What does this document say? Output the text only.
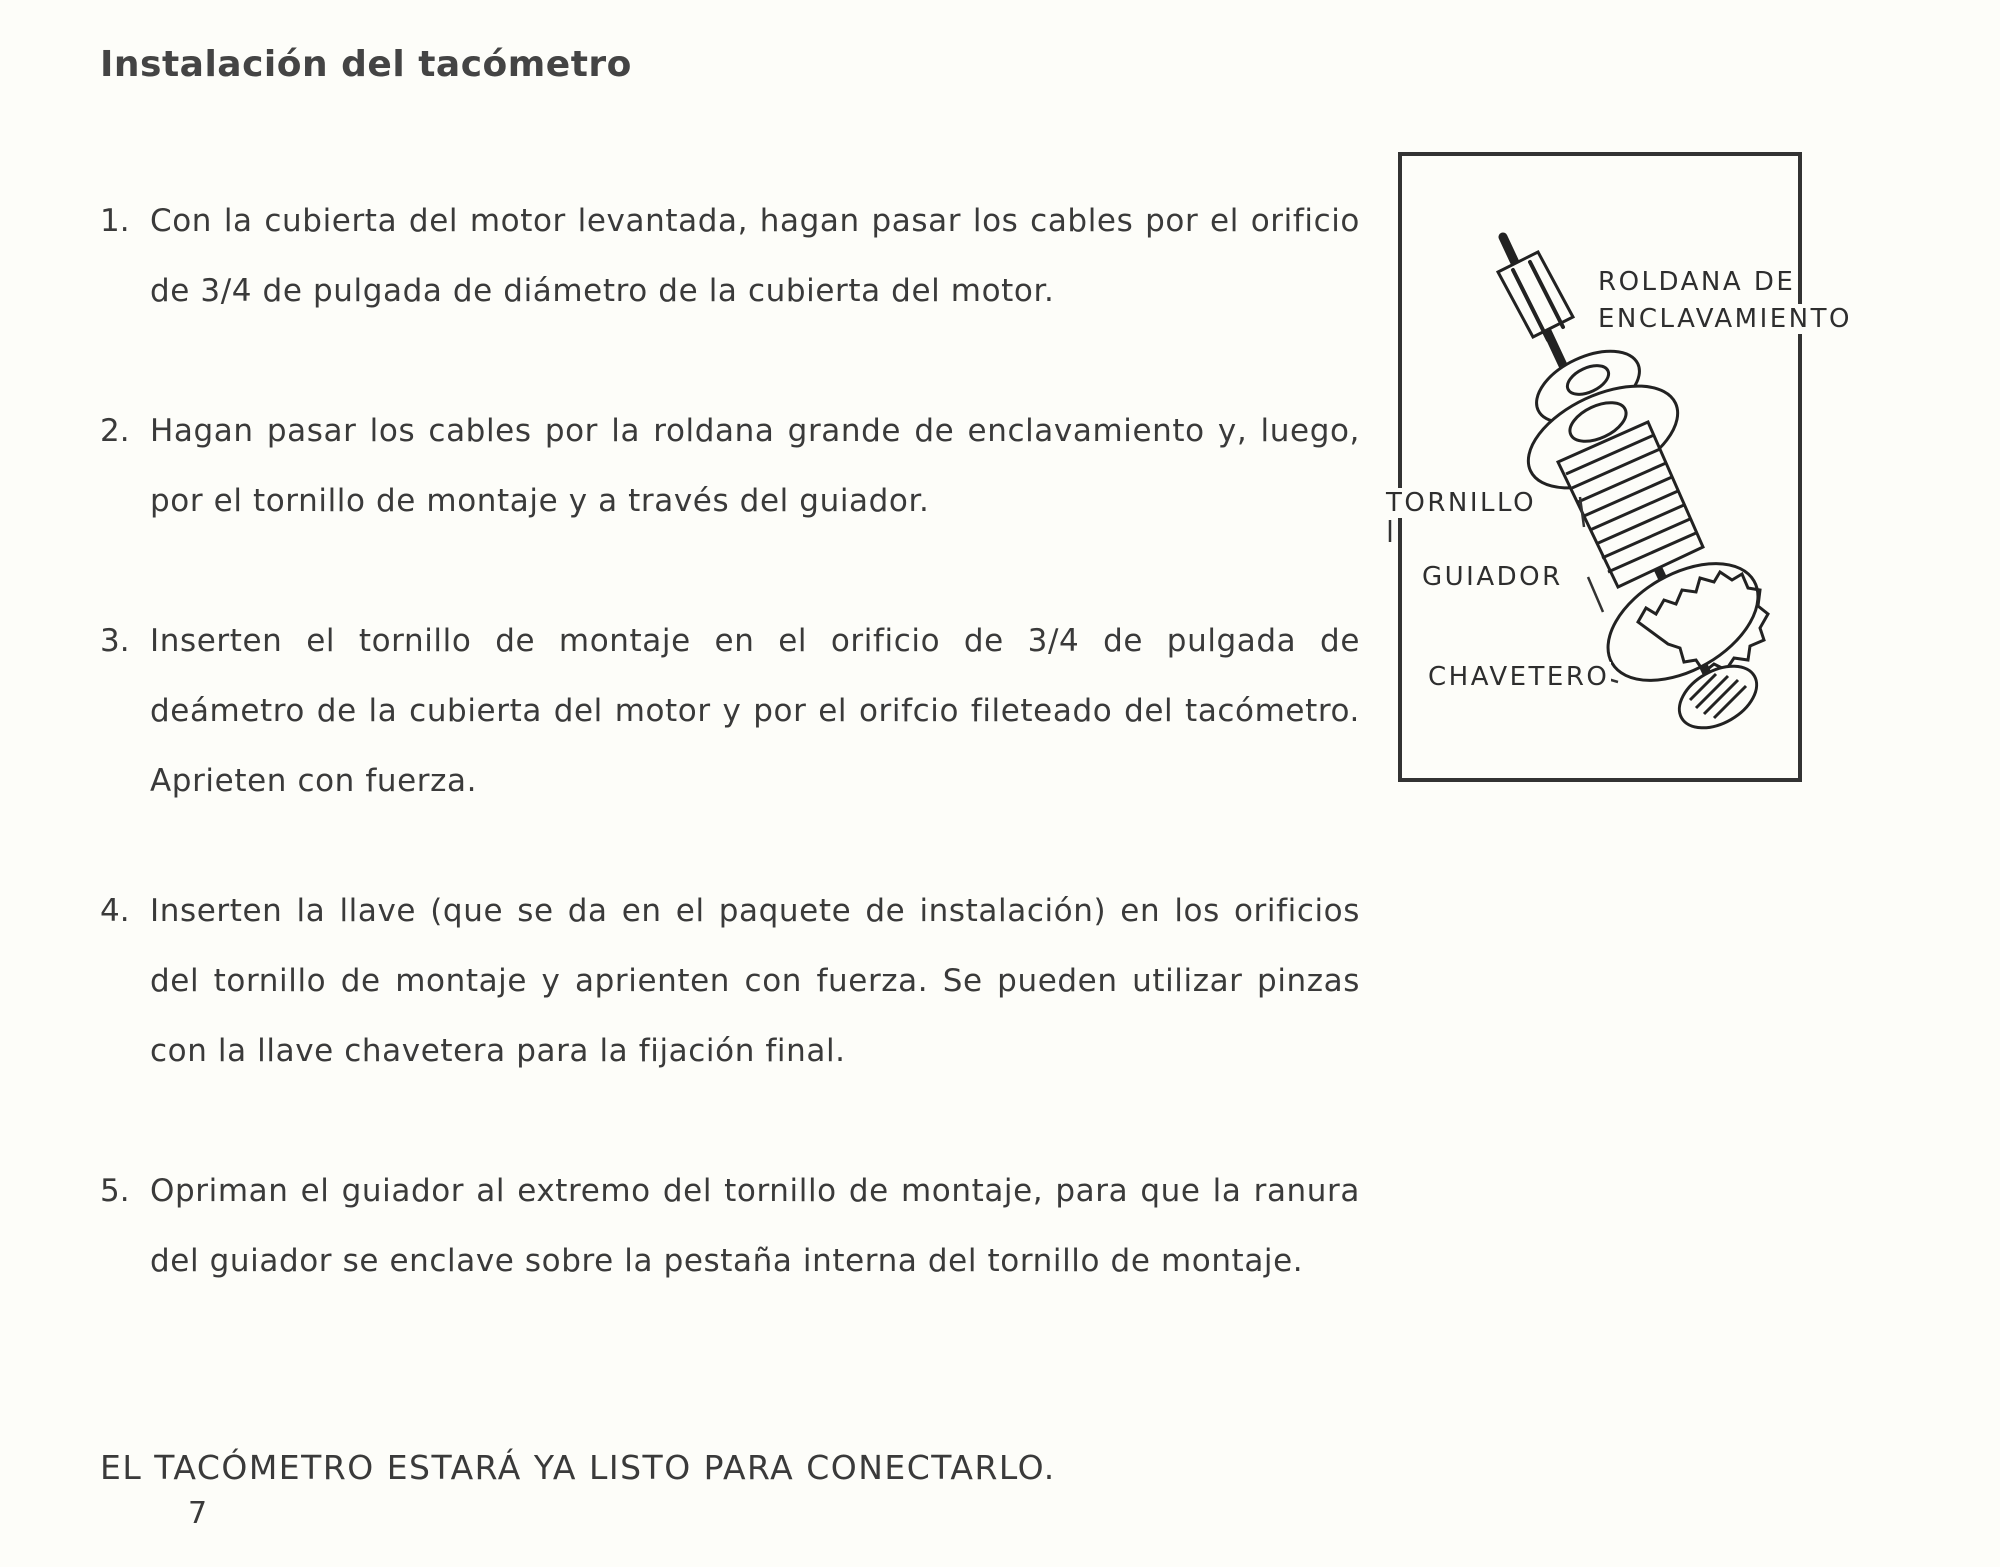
Instalación del tacómetro
1. Con la cubierta del motor levantada, hagan pasar los cables por el orificio de 3/4 de pulgada de diámetro de la cubierta del motor.
2. Hagan pasar los cables por la roldana grande de enclavamiento y, luego, por el tornillo de montaje y a través del guiador.
3. Inserten el tornillo de montaje en el orificio de 3/4 de pulgada de deámetro de la cubierta del motor y por el orifcio fileteado del tacómetro. Aprieten con fuerza.
4. Inserten la llave (que se da en el paquete de instalación) en los orificios del tornillo de montaje y aprienten con fuerza. Se pueden utilizar pinzas con la llave chavetera para la fijación final.
5. Opriman el guiador al extremo del tornillo de montaje, para que la ranura del guiador se enclave sobre la pestaña interna del tornillo de montaje.
EL TACÓMETRO ESTARÁ YA LISTO PARA CONECTARLO.
7
ROLDANA DE
ENCLAVAMIENTO
TORNILLO
GUIADOR
CHAVETERO
